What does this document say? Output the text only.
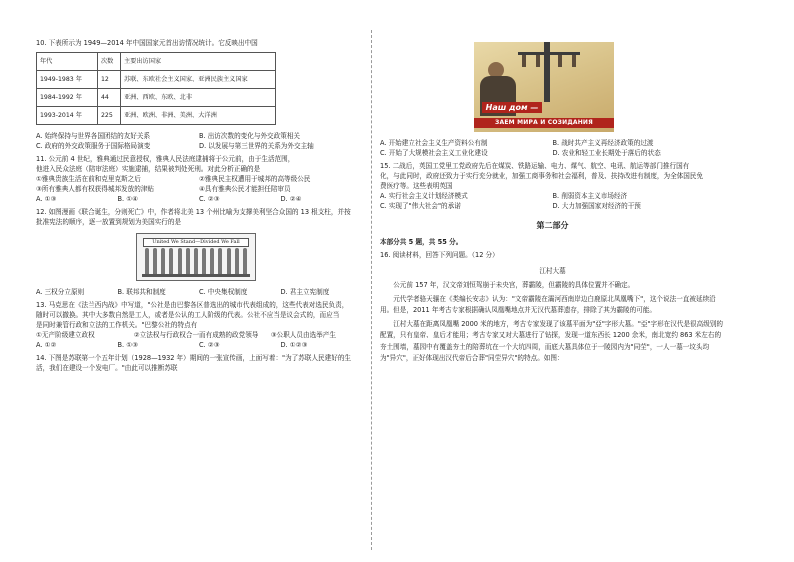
10. 下表所示为 1949—2014 年中国国家元首出访情况统计。它反映出中国

年代	次数	主要出访国家
1949-1983 年	12	苏联、东欧社会主义国家、亚洲民族主义国家
1984-1992 年	44	亚洲、西欧、东欧、北非
1993-2014 年	225	亚洲、欧洲、非洲、美洲、大洋洲
A. 始终保持与世界各国团结的友好关系	B. 出访次数的变化与外交政策相关
C. 政府的外交政策服务于国际格局演变	D. 以发展与第三世界的关系为外交主轴

11. 公元前 4 世纪，雅典通过民意授权，雅典人民法庭逮捕将于公元前，由于生活范围，

他进入民众法庭（陪审法庭）实施逮捕，结果被判处死刑。对此分析正确的是

①雅典贵族生活在前和克里克斯之后	②雅典民主权遭用于城邦的高等级公民
③所有雅典人都有权获得城邦发放的津贴	④具有雅典公民才能担任陪审员
A. ①③	B. ①④	C. ②③	D. ②④

12. 如图漫画《联合诞生，分则死亡》中，作者将北美 13 个州比喻为支撑美利坚合众国的 13 根支柱，并按

批准宪法的顺序，逐一放置到规划为美国实行的是

United We Stand—Divided We Fall
A. 三权分立原则	B. 联邦共和制度	C. 中央集权制度	D. 君主立宪制度

13. 马克思在《法兰西内战》中写道，"公社是由巴黎各区普选出的城市代表组成的，这些代表对选民负责，

随时可以撤换。其中大多数自然是工人，或者是公认的工人阶级的代表。公社不应当是议会式的，而应当

是同时兼管行政和立法的工作机关。"巴黎公社的特点有

①无产阶级建立政权	②立法权与行政权合一而有成熟的政党领导	③公职人员由选举产生
A. ①②	B. ①③	C. ②③	D. ①②③

14. 下图是苏联第一个五年计划（1928—1932 年）期间的一张宣传画，上面写着："为了苏联人民建好的生

活，我们在建设一个发电厂。"由此可以推断苏联

Наш дом —
ЗАЕМ МИРА И СОЗИДАНИЯ
A. 开始建立社会主义生产资料公有制	B. 战时共产主义再经济政策的过渡
C. 开始了大规模社会主义工业化建设	D. 农业和轻工业长期处于落后的状态

15. 二战后，英国工党里工党政府先后在煤炭、铁路运输、电力、煤气、航空、电讯、航运等部门推行国有

化，与此同时，政府还致力于实行充分就业，加强工商事务和社会福利，普及、扶持改进有制度，为全体国民免

费医疗等。这些表明英国

A. 实行社会主义计划经济模式	B. 削弱资本主义市场经济
C. 实现了"伟大社会"的承诺	D. 大力加强国家对经济的干预
第二部分

本部分共 5 题，共 55 分。

16. 阅读材料，回答下列问题。（12 分）

江村大墓

公元前 157 年，汉文帝刘恒驾崩于未央宫，葬霸陵，但霸陵的具体位置并不确定。

元代学者骆天骧在《类编长安志》认为："文帝霸陵在灞河西南岸边白鹿原北凤凰嘴下"，这个说法一直被延续沿用。但是，2011 年考古专家根据确认凤凰嘴地点并无汉代墓葬遗存，排除了其为霸陵的可能。

江村大墓在距离凤凰嘴 2000 米的地方，考古专家发现了该墓平面为"亞"字形大墓。"亞"字形在汉代是很高级别的配置，只有皇帝、皇后才能用；考古专家又对大墓进行了钻探，发现一道东西长 1200 余米，南北宽约 863 米左右的夯土围墙，墓园中有覆盖夯土的陪葬坑在一个大坑四周，而底大墓具体位于一陵园内为"同茔"，一人一墓一坟头均为"异穴"，正好体现出汉代帝后合葬"同茔异穴"的特点。如图：
